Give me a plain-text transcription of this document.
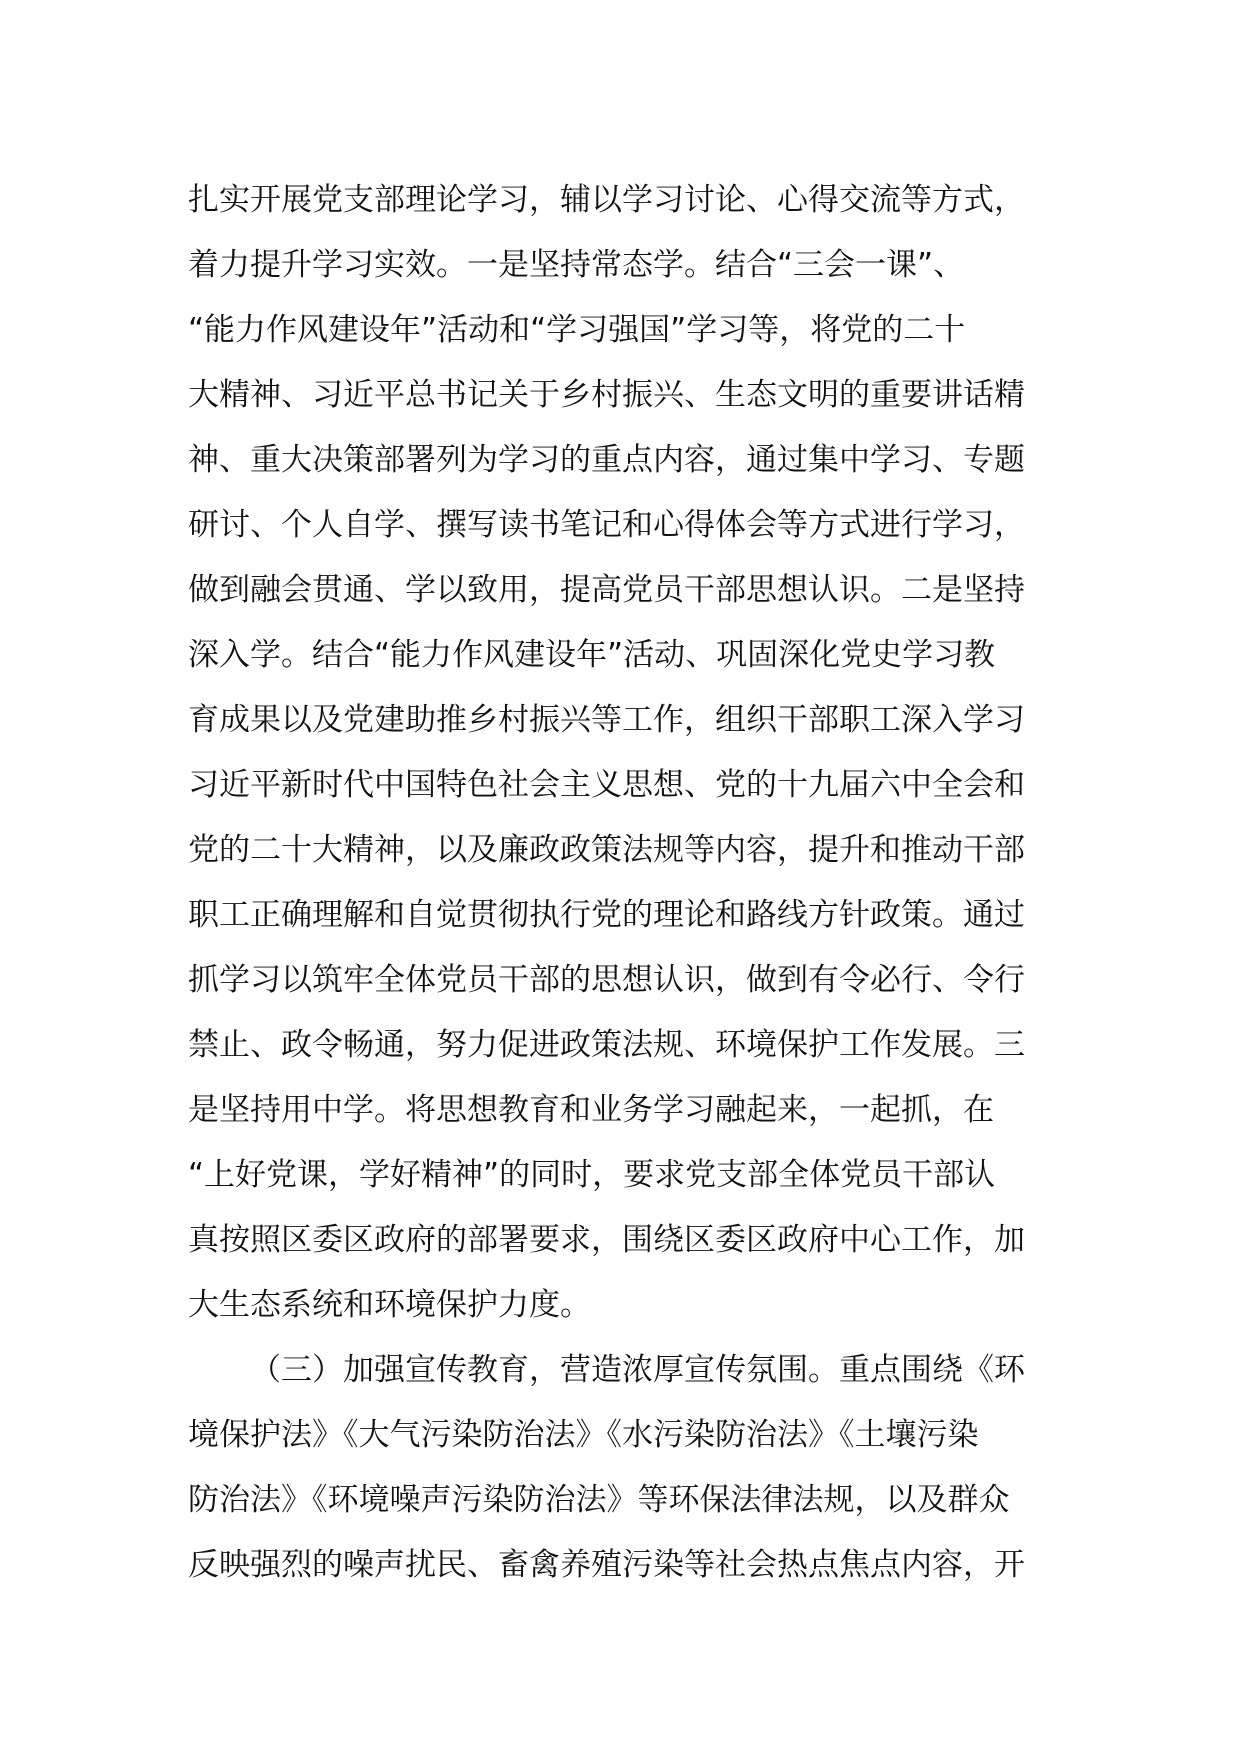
扎实开展党支部理论学习，辅以学习讨论、心得交流等方式，
着力提升学习实效。一是坚持常态学。结合“三会一课”、
“能力作风建设年”活动和“学习强国”学习等，将党的二十
大精神、习近平总书记关于乡村振兴、生态文明的重要讲话精
神、重大决策部署列为学习的重点内容，通过集中学习、专题
研讨、个人自学、撰写读书笔记和心得体会等方式进行学习，
做到融会贯通、学以致用，提高党员干部思想认识。二是坚持
深入学。结合“能力作风建设年”活动、巩固深化党史学习教
育成果以及党建助推乡村振兴等工作，组织干部职工深入学习
习近平新时代中国特色社会主义思想、党的十九届六中全会和
党的二十大精神，以及廉政政策法规等内容，提升和推动干部
职工正确理解和自觉贯彻执行党的理论和路线方针政策。通过
抓学习以筑牢全体党员干部的思想认识，做到有令必行、令行
禁止、政令畅通，努力促进政策法规、环境保护工作发展。三
是坚持用中学。将思想教育和业务学习融起来，一起抓，在
“上好党课，学好精神”的同时，要求党支部全体党员干部认
真按照区委区政府的部署要求，围绕区委区政府中心工作，加
大生态系统和环境保护力度。
（三）加强宣传教育，营造浓厚宣传氛围。重点围绕《环
境保护法》《大气污染防治法》《水污染防治法》《土壤污染
防治法》《环境噪声污染防治法》等环保法律法规，以及群众
反映强烈的噪声扰民、畜禽养殖污染等社会热点焦点内容，开
